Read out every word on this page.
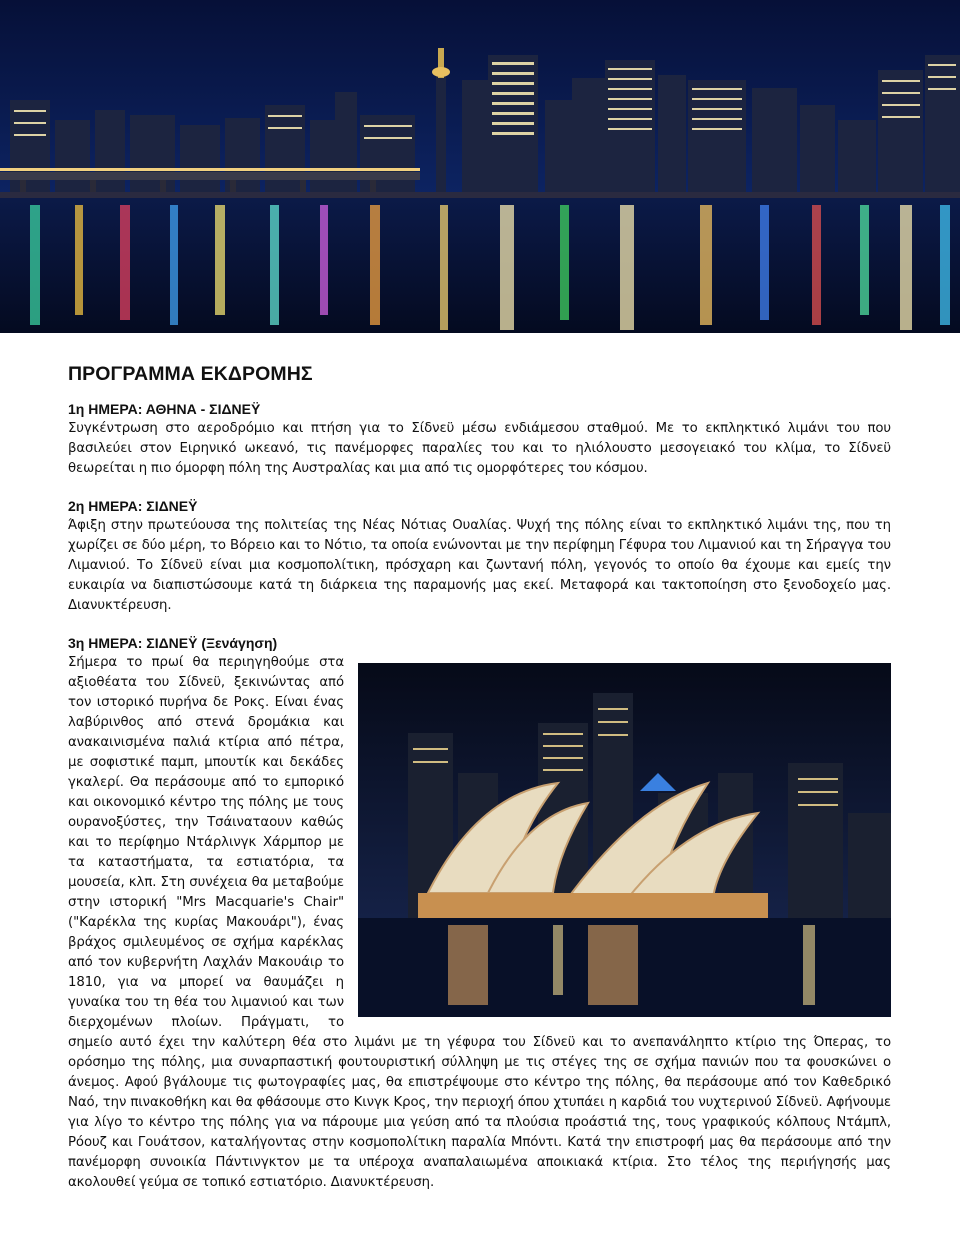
ΠΡΟΓΡΑΜΜΑ ΕΚΔΡΟΜΗΣ
1η ΗΜΕΡΑ: ΑΘΗΝΑ - ΣΙΔΝΕΫ

Συγκέντρωση στο αεροδρόμιο και πτήση για το Σίδνεϋ μέσω ενδιάμεσου σταθμού. Με το εκπληκτικό λιμάνι του που βασιλεύει στον Ειρηνικό ωκεανό, τις πανέμορφες παραλίες του και το ηλιόλουστο μεσογειακό του κλίμα, το Σίδνεϋ θεωρείται η πιο όμορφη πόλη της Αυστραλίας και μια από τις ομορφότερες του κόσμου.

2η ΗΜΕΡΑ: ΣΙΔΝΕΫ

Άφιξη στην πρωτεύουσα της πολιτείας της Νέας Νότιας Ουαλίας. Ψυχή της πόλης είναι το εκπληκτικό λιμάνι της, που τη χωρίζει σε δύο μέρη, το Βόρειο και το Νότιο, τα οποία ενώνονται με την περίφημη Γέφυρα του Λιμανιού και τη Σήραγγα του Λιμανιού. Το Σίδνεϋ είναι μια κοσμοπολίτικη, πρόσχαρη και ζωντανή πόλη, γεγονός το οποίο θα έχουμε και εμείς την ευκαιρία να διαπιστώσουμε κατά τη διάρκεια της παραμονής μας εκεί. Μεταφορά και τακτοποίηση στο ξενοδοχείο μας. Διανυκτέρευση.

3η ΗΜΕΡΑ: ΣΙΔΝΕΫ (Ξενάγηση)

Σήμερα το πρωί θα περιηγηθούμε στα αξιοθέατα του Σίδνεϋ, ξεκινώντας από τον ιστορικό πυρήνα δε Ροκς. Είναι ένας λαβύρινθος από στενά δρομάκια και ανακαινισμένα παλιά κτίρια από πέτρα, με σοφιστικέ παμπ, μπουτίκ και δεκάδες γκαλερί. Θα περάσουμε από το εμπορικό και οικονομικό κέντρο της πόλης με τους ουρανοξύστες, την Τσάιναταουν καθώς και το περίφημο Ντάρλινγκ Χάρμπορ με τα καταστήματα, τα εστιατόρια, τα μουσεία, κλπ. Στη συνέχεια θα μεταβούμε στην ιστορική "Mrs Macquarie's Chair" ("Καρέκλα της κυρίας Μακουάρι"), ένας βράχος σμιλευμένος σε σχήμα καρέκλας από τον κυβερνήτη Λαχλάν Μακουάιρ το 1810, για να μπορεί να θαυμάζει η γυναίκα του τη θέα του λιμανιού και των διερχομένων πλοίων. Πράγματι, το σημείο αυτό έχει την καλύτερη θέα στο λιμάνι με τη γέφυρα του Σίδνεϋ και το ανεπανάληπτο κτίριο της Όπερας, το ορόσημο της πόλης, μια συναρπαστική φουτουριστική σύλληψη με τις στέγες της σε σχήμα πανιών που τα φουσκώνει ο άνεμος. Αφού βγάλουμε τις φωτογραφίες μας, θα επιστρέψουμε στο κέντρο της πόλης, θα περάσουμε από τον Καθεδρικό Ναό, την πινακοθήκη και θα φθάσουμε στο Κινγκ Κρος, την περιοχή όπου χτυπάει η καρδιά του νυχτερινού Σίδνεϋ. Αφήνουμε για λίγο το κέντρο της πόλης για να πάρουμε μια γεύση από τα πλούσια προάστιά της, τους γραφικούς κόλπους Ντάμπλ, Ρόουζ και Γουάτσον, καταλήγοντας στην κοσμοπολίτικη παραλία Μπόντι. Κατά την επιστροφή μας θα περάσουμε από την πανέμορφη συνοικία Πάντινγκτον με τα υπέροχα αναπαλαιωμένα αποικιακά κτίρια. Στο τέλος της περιήγησής μας ακολουθεί γεύμα σε τοπικό εστιατόριο. Διανυκτέρευση.
